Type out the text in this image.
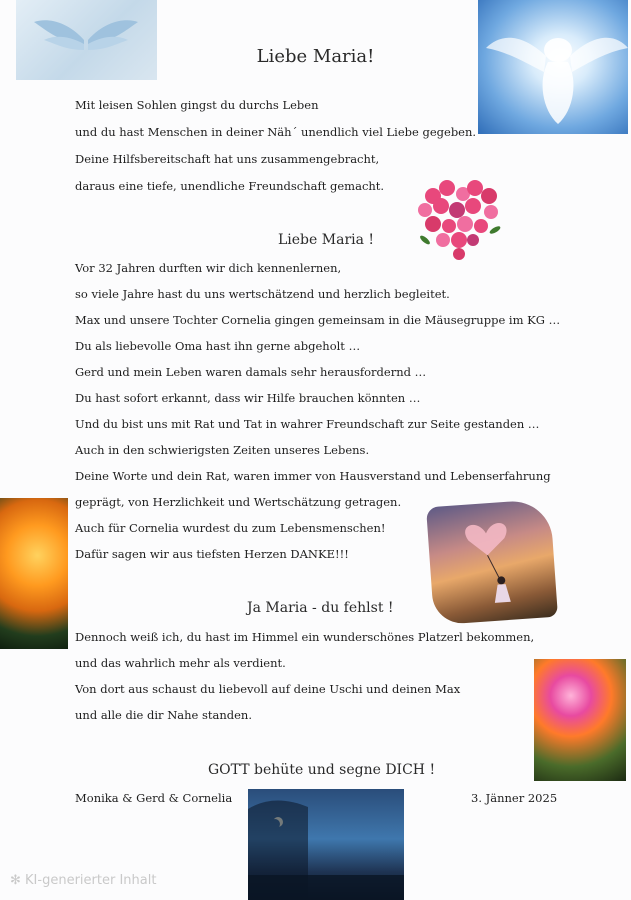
Liebe Maria!
Mit leisen Sohlen gingst du durchs Leben
und du hast Menschen in deiner Näh´ unendlich viel Liebe gegeben.
Deine Hilfsbereitschaft hat uns zusammengebracht,
daraus eine tiefe, unendliche Freundschaft gemacht.
Liebe Maria !
Vor 32 Jahren durften wir dich kennenlernen,
so viele Jahre hast du uns wertschätzend und herzlich begleitet.
Max und unsere Tochter Cornelia gingen gemeinsam in die Mäusegruppe im KG …
Du als liebevolle Oma hast ihn gerne abgeholt …
Gerd und mein Leben waren damals sehr herausfordernd …
Du hast sofort erkannt, dass wir Hilfe brauchen könnten …
Und du bist uns mit Rat und Tat in wahrer Freundschaft zur Seite gestanden …
Auch in den schwierigsten Zeiten unseres Lebens.
Deine Worte und dein Rat, waren immer von Hausverstand und Lebenserfahrung
geprägt, von Herzlichkeit und Wertschätzung getragen.
Auch für Cornelia wurdest du zum Lebensmenschen!
Dafür sagen wir aus tiefsten Herzen DANKE!!!
Ja Maria - du fehlst !
Dennoch weiß ich, du hast im Himmel ein wunderschönes Platzerl bekommen,
und das wahrlich mehr als verdient.
Von dort aus schaust du liebevoll auf deine Uschi und deinen Max
und alle die dir Nahe standen.
GOTT behüte und segne DICH !
Monika & Gerd & Cornelia	3. Jänner 2025
✻ KI-generierter Inhalt
